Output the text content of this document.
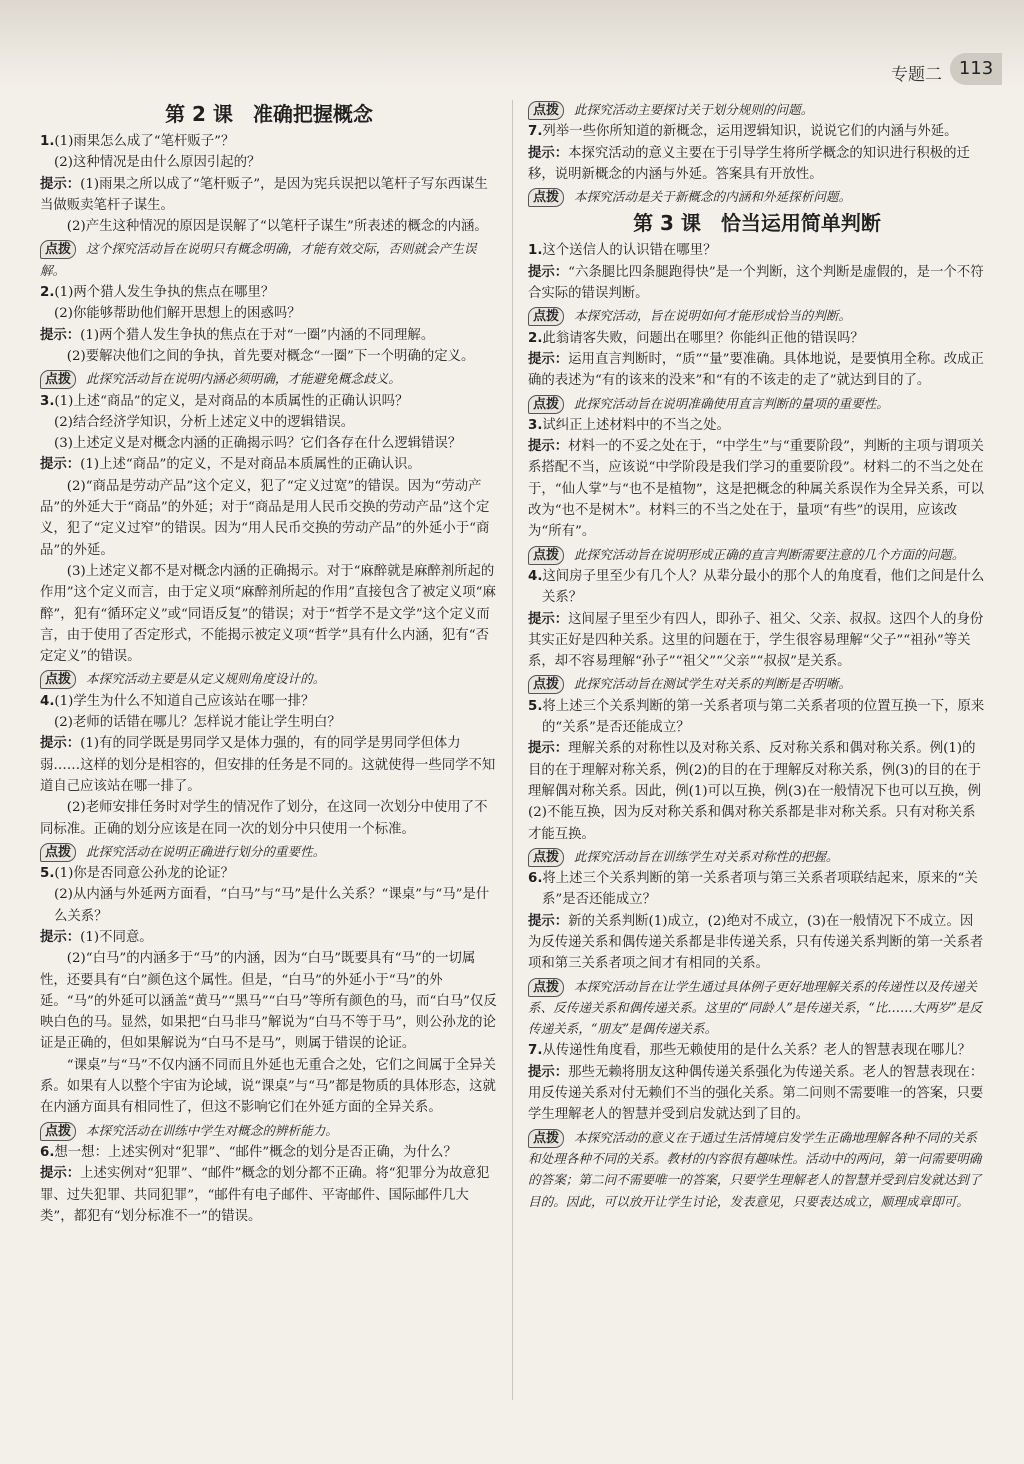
专题二 113
第 2 课　准确把握概念

1.(1)雨果怎么成了“笔杆贩子”？

(2)这种情况是由什么原因引起的？

提示：(1)雨果之所以成了“笔杆贩子”，是因为宪兵误把以笔杆子写东西谋生当做贩卖笔杆子谋生。

(2)产生这种情况的原因是误解了“以笔杆子谋生”所表述的概念的内涵。

点拨 这个探究活动旨在说明只有概念明确，才能有效交际，否则就会产生误解。

2.(1)两个猎人发生争执的焦点在哪里？

(2)你能够帮助他们解开思想上的困惑吗？

提示：(1)两个猎人发生争执的焦点在于对“一圈”内涵的不同理解。

(2)要解决他们之间的争执，首先要对概念“一圈”下一个明确的定义。

点拨 此探究活动旨在说明内涵必须明确，才能避免概念歧义。

3.(1)上述“商品”的定义，是对商品的本质属性的正确认识吗？

(2)结合经济学知识，分析上述定义中的逻辑错误。

(3)上述定义是对概念内涵的正确揭示吗？它们各存在什么逻辑错误？

提示：(1)上述“商品”的定义，不是对商品本质属性的正确认识。

(2)“商品是劳动产品”这个定义，犯了“定义过宽”的错误。因为“劳动产品”的外延大于“商品”的外延；对于“商品是用人民币交换的劳动产品”这个定义，犯了“定义过窄”的错误。因为“用人民币交换的劳动产品”的外延小于“商品”的外延。

(3)上述定义都不是对概念内涵的正确揭示。对于“麻醉就是麻醉剂所起的作用”这个定义而言，由于定义项“麻醉剂所起的作用”直接包含了被定义项“麻醉”，犯有“循环定义”或“同语反复”的错误；对于“哲学不是文学”这个定义而言，由于使用了否定形式，不能揭示被定义项“哲学”具有什么内涵，犯有“否定定义”的错误。

点拨 本探究活动主要是从定义规则角度设计的。

4.(1)学生为什么不知道自己应该站在哪一排？

(2)老师的话错在哪儿？怎样说才能让学生明白？

提示：(1)有的同学既是男同学又是体力强的，有的同学是男同学但体力弱……这样的划分是相容的，但安排的任务是不同的。这就使得一些同学不知道自己应该站在哪一排了。

(2)老师安排任务时对学生的情况作了划分，在这同一次划分中使用了不同标准。正确的划分应该是在同一次的划分中只使用一个标准。

点拨 此探究活动在说明正确进行划分的重要性。

5.(1)你是否同意公孙龙的论证？

(2)从内涵与外延两方面看，“白马”与“马”是什么关系？“课桌”与“马”是什么关系？

提示：(1)不同意。

(2)“白马”的内涵多于“马”的内涵，因为“白马”既要具有“马”的一切属性，还要具有“白”颜色这个属性。但是，“白马”的外延小于“马”的外延。“马”的外延可以涵盖“黄马”“黑马”“白马”等所有颜色的马，而“白马”仅反映白色的马。显然，如果把“白马非马”解说为“白马不等于马”，则公孙龙的论证是正确的，但如果解说为“白马不是马”，则属于错误的论证。

“课桌”与“马”不仅内涵不同而且外延也无重合之处，它们之间属于全异关系。如果有人以整个宇宙为论域，说“课桌”与“马”都是物质的具体形态，这就在内涵方面具有相同性了，但这不影响它们在外延方面的全异关系。

点拨 本探究活动在训练中学生对概念的辨析能力。

6.想一想：上述实例对“犯罪”、“邮件”概念的划分是否正确，为什么？

提示：上述实例对“犯罪”、“邮件”概念的划分都不正确。将“犯罪分为故意犯罪、过失犯罪、共同犯罪”，“邮件有电子邮件、平寄邮件、国际邮件几大类”，都犯有“划分标准不一”的错误。

点拨 此探究活动主要探讨关于划分规则的问题。

7.列举一些你所知道的新概念，运用逻辑知识，说说它们的内涵与外延。

提示：本探究活动的意义主要在于引导学生将所学概念的知识进行积极的迁移，说明新概念的内涵与外延。答案具有开放性。

点拨 本探究活动是关于新概念的内涵和外延探析问题。

第 3 课　恰当运用简单判断

1.这个送信人的认识错在哪里？

提示：“六条腿比四条腿跑得快”是一个判断，这个判断是虚假的，是一个不符合实际的错误判断。

点拨 本探究活动，旨在说明如何才能形成恰当的判断。

2.此翁请客失败，问题出在哪里？你能纠正他的错误吗？

提示：运用直言判断时，“质”“量”要准确。具体地说，是要慎用全称。改成正确的表述为“有的该来的没来”和“有的不该走的走了”就达到目的了。

点拨 此探究活动旨在说明准确使用直言判断的量项的重要性。

3.试纠正上述材料中的不当之处。

提示：材料一的不妥之处在于，“中学生”与“重要阶段”，判断的主项与谓项关系搭配不当，应该说“中学阶段是我们学习的重要阶段”。材料二的不当之处在于，“仙人掌”与“也不是植物”，这是把概念的种属关系误作为全异关系，可以改为“也不是树木”。材料三的不当之处在于，量项“有些”的误用，应该改为“所有”。

点拨 此探究活动旨在说明形成正确的直言判断需要注意的几个方面的问题。

4.这间房子里至少有几个人？从辈分最小的那个人的角度看，他们之间是什么关系？

提示：这间屋子里至少有四人，即孙子、祖父、父亲、叔叔。这四个人的身份其实正好是四种关系。这里的问题在于，学生很容易理解“父子”“祖孙”等关系，却不容易理解“孙子”“祖父”“父亲”“叔叔”是关系。

点拨 此探究活动旨在测试学生对关系的判断是否明晰。

5.将上述三个关系判断的第一关系者项与第二关系者项的位置互换一下，原来的“关系”是否还能成立？

提示：理解关系的对称性以及对称关系、反对称关系和偶对称关系。例(1)的目的在于理解对称关系，例(2)的目的在于理解反对称关系，例(3)的目的在于理解偶对称关系。因此，例(1)可以互换，例(3)在一般情况下也可以互换，例(2)不能互换，因为反对称关系和偶对称关系都是非对称关系。只有对称关系才能互换。

点拨 此探究活动旨在训练学生对关系对称性的把握。

6.将上述三个关系判断的第一关系者项与第三关系者项联结起来，原来的“关系”是否还能成立？

提示：新的关系判断(1)成立，(2)绝对不成立，(3)在一般情况下不成立。因为反传递关系和偶传递关系都是非传递关系，只有传递关系判断的第一关系者项和第三关系者项之间才有相同的关系。

点拨 本探究活动旨在让学生通过具体例子更好地理解关系的传递性以及传递关系、反传递关系和偶传递关系。这里的“同龄人”是传递关系，“比……大两岁”是反传递关系，“朋友”是偶传递关系。

7.从传递性角度看，那些无赖使用的是什么关系？老人的智慧表现在哪儿？

提示：那些无赖将朋友这种偶传递关系强化为传递关系。老人的智慧表现在：用反传递关系对付无赖们不当的强化关系。第二问则不需要唯一的答案，只要学生理解老人的智慧并受到启发就达到了目的。

点拨 本探究活动的意义在于通过生活情境启发学生正确地理解各种不同的关系和处理各种不同的关系。教材的内容很有趣味性。活动中的两问，第一问需要明确的答案；第二问不需要唯一的答案，只要学生理解老人的智慧并受到启发就达到了目的。因此，可以放开让学生讨论，发表意见，只要表达成立，顺理成章即可。
